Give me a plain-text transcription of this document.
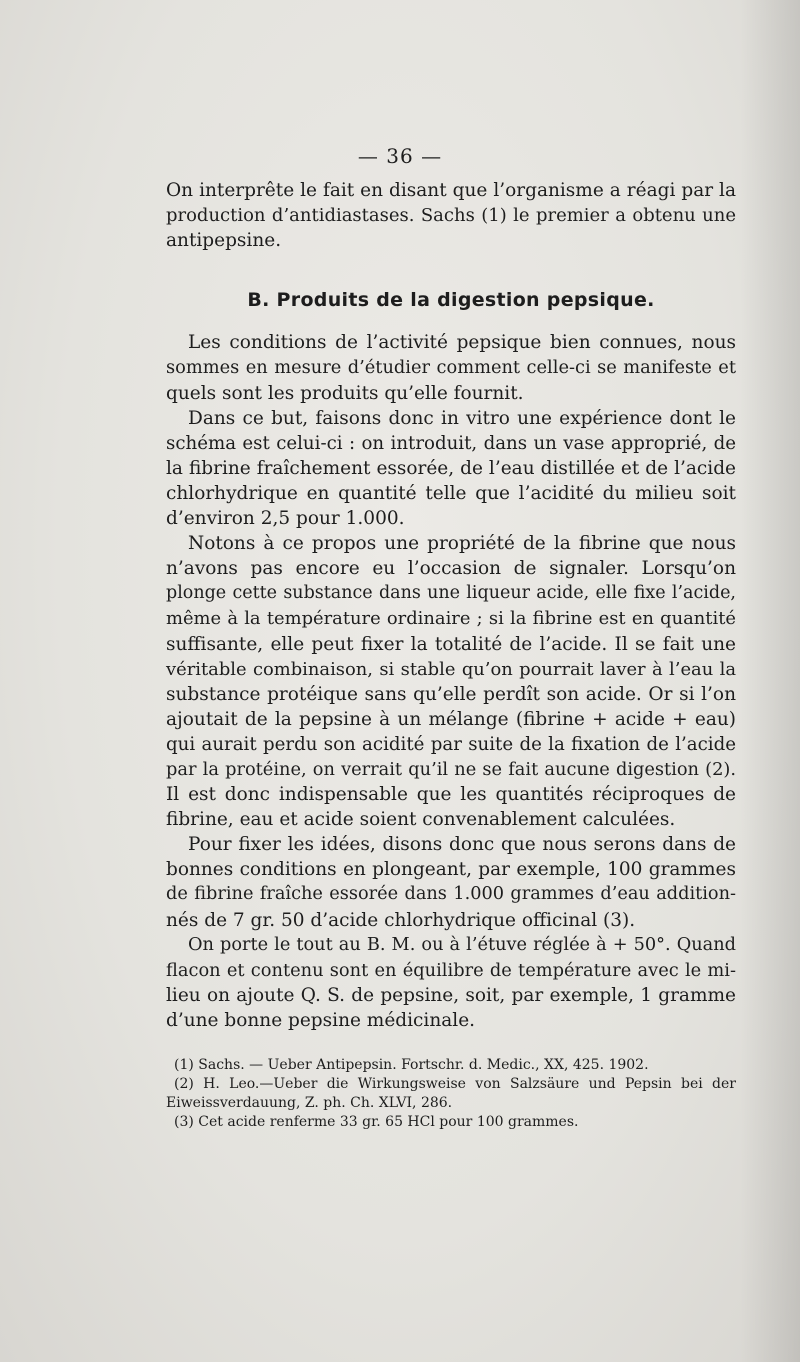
— 36 —
On interprête le fait en disant que l’organisme a réagi par la
production d’antidiastases. Sachs (1) le premier a obtenu une
antipepsine.
B. Produits de la digestion pepsique.
Les conditions de l’activité pepsique bien connues, nous
sommes en mesure d’étudier comment celle-ci se manifeste et
quels sont les produits qu’elle fournit.
Dans ce but, faisons donc in vitro une expérience dont le
schéma est celui-ci : on introduit, dans un vase approprié, de
la fibrine fraîchement essorée, de l’eau distillée et de l’acide
chlorhydrique en quantité telle que l’acidité du milieu soit
d’environ 2,5 pour 1.000.
Notons à ce propos une propriété de la fibrine que nous
n’avons pas encore eu l’occasion de signaler. Lorsqu’on
plonge cette substance dans une liqueur acide, elle fixe l’acide,
même à la température ordinaire ; si la fibrine est en quantité
suffisante, elle peut fixer la totalité de l’acide. Il se fait une
véritable combinaison, si stable qu’on pourrait laver à l’eau la
substance protéique sans qu’elle perdît son acide. Or si l’on
ajoutait de la pepsine à un mélange (fibrine + acide + eau)
qui aurait perdu son acidité par suite de la fixation de l’acide
par la protéine, on verrait qu’il ne se fait aucune digestion (2).
Il est donc indispensable que les quantités réciproques de
fibrine, eau et acide soient convenablement calculées.
Pour fixer les idées, disons donc que nous serons dans de
bonnes conditions en plongeant, par exemple, 100 grammes
de fibrine fraîche essorée dans 1.000 grammes d’eau addition-
nés de 7 gr. 50 d’acide chlorhydrique officinal (3).
On porte le tout au B. M. ou à l’étuve réglée à + 50°. Quand
flacon et contenu sont en équilibre de température avec le mi-
lieu on ajoute Q. S. de pepsine, soit, par exemple, 1 gramme
d’une bonne pepsine médicinale.
(1) Sachs. — Ueber Antipepsin. Fortschr. d. Medic., XX, 425. 1902.
(2) H. Leo.—Ueber die Wirkungsweise von Salzsäure und Pepsin bei der
Eiweissverdauung, Z. ph. Ch. XLVI, 286.
(3) Cet acide renferme 33 gr. 65 HCl pour 100 grammes.
